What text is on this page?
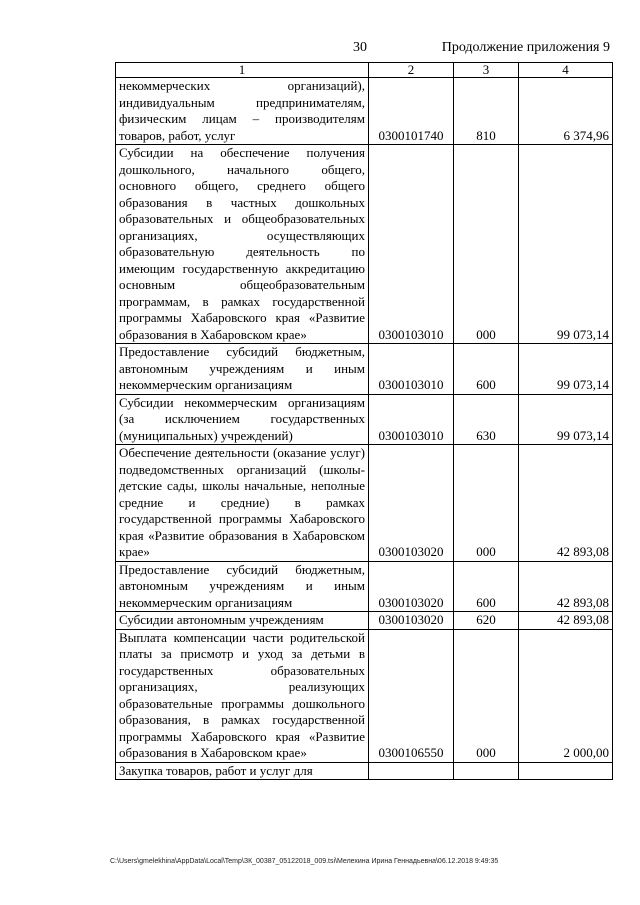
30	Продолжение приложения 9
1	2	3	4
некоммерческих организаций), индивидуальным предпринимателям, физическим лицам – производителям товаров, работ, услуг	0300101740	810	6 374,96
Субсидии на обеспечение получения дошкольного, начального общего, основного общего, среднего общего образования в частных дошкольных образовательных и общеобразовательных организациях, осуществляющих образовательную деятельность по имеющим государственную аккредитацию основным общеобразовательным программам, в рамках государственной программы Хабаровского края «Развитие образования в Хабаровском крае»	0300103010	000	99 073,14
Предоставление субсидий бюджетным, автономным учреждениям и иным некоммерческим организациям	0300103010	600	99 073,14
Субсидии некоммерческим организациям (за исключением государственных (муниципальных) учреждений)	0300103010	630	99 073,14
Обеспечение деятельности (оказание услуг) подведомственных организаций (школы-детские сады, школы начальные, неполные средние и средние) в рамках государственной программы Хабаровского края «Развитие образования в Хабаровском крае»	0300103020	000	42 893,08
Предоставление субсидий бюджетным, автономным учреждениям и иным некоммерческим организациям	0300103020	600	42 893,08
Субсидии автономным учреждениям	0300103020	620	42 893,08
Выплата компенсации части родительской платы за присмотр и уход за детьми в государственных образовательных организациях, реализующих образовательные программы дошкольного образования, в рамках государственной программы Хабаровского края «Развитие образования в Хабаровском крае»	0300106550	000	2 000,00
Закупка товаров, работ и услуг для			
C:\Users\gmelekhina\AppData\Local\Temp\ЗК_00387_05122018_009.tsi\Мелехина Ирина Геннадьевна\06.12.2018 9:49:35
